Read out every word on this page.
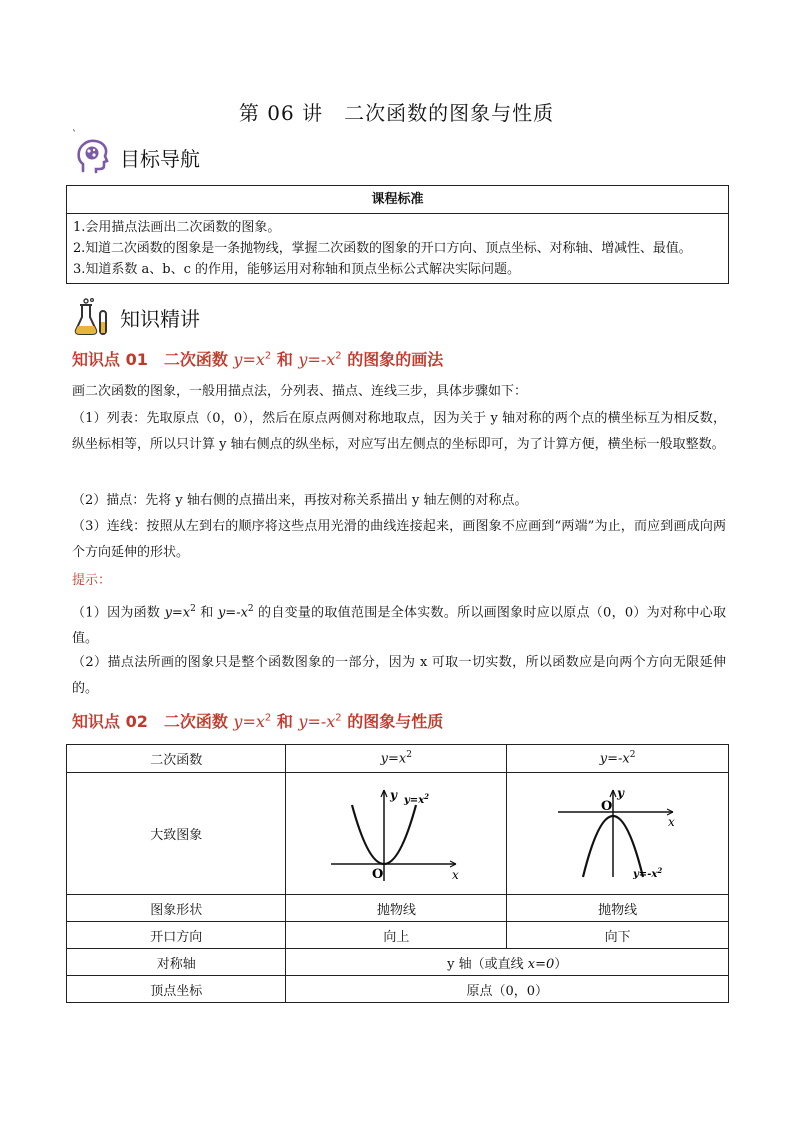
第 06 讲　二次函数的图象与性质
`
目标导航
课程标准

1.会用描点法画出二次函数的图象。
2.知道二次函数的图象是一条抛物线，掌握二次函数的图象的开口方向、顶点坐标、对称轴、增减性、最值。
3.知道系数 a、b、c 的作用，能够运用对称轴和顶点坐标公式解决实际问题。
知识精讲
知识点 01　二次函数 $y=x^2$ 和 $y=-x^2$ 的图象的画法
画二次函数的图象，一般用描点法，分列表、描点、连线三步，具体步骤如下：
（1）列表：先取原点（0，0），然后在原点两侧对称地取点，因为关于 y 轴对称的两个点的横坐标互为相反数，纵坐标相等，所以只计算 y 轴右侧点的纵坐标，对应写出左侧点的坐标即可，为了计算方便，横坐标一般取整数。
（2）描点：先将 y 轴右侧的点描出来，再按对称关系描出 y 轴左侧的对称点。
（3）连线：按照从左到右的顺序将这些点用光滑的曲线连接起来，画图象不应画到“两端”为止，而应到画成向两个方向延伸的形状。
提示：
（1）因为函数 $y=x^2$ 和 $y=-x^2$ 的自变量的取值范围是全体实数。所以画图象时应以原点（0，0）为对称中心取值。
（2）描点法所画的图象只是整个函数图象的一部分，因为 x 可取一切实数，所以函数应是向两个方向无限延伸的。
知识点 02　二次函数 $y=x^2$ 和 $y=-x^2$ 的图象与性质
二次函数	$y=x^2$	$y=-x^2$
大致图象	y
x
O
$y=x^2$	y
x
O
$y=-x^2$

图象形状	抛物线	抛物线
开口方向	向上	向下
对称轴	y 轴（或直线 x=0）	
顶点坐标	原点（0，0）	
